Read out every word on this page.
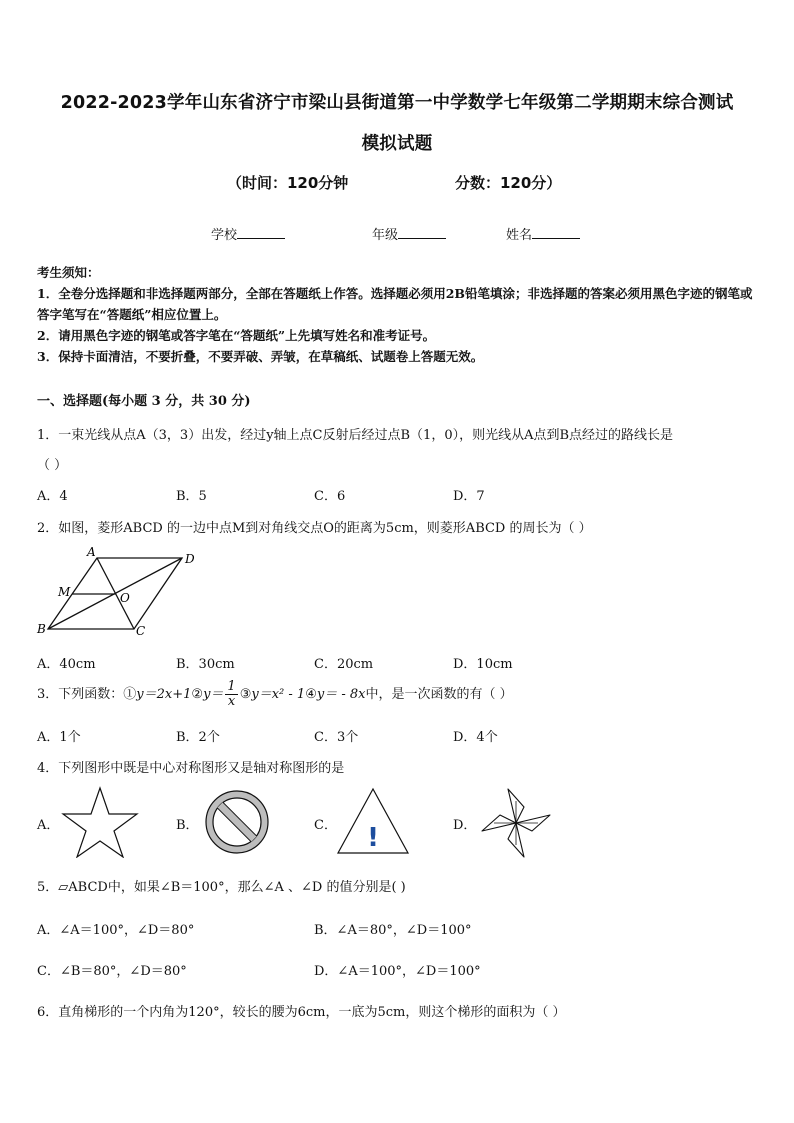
2022-2023学年山东省济宁市梁山县街道第一中学数学七年级第二学期期末综合测试
模拟试题
（时间：120分钟	分数：120分）
学校	年级	姓名

考生须知：

1．全卷分选择题和非选择题两部分，全部在答题纸上作答。选择题必须用2B铅笔填涂；非选择题的答案必须用黑色字迹的钢笔或答字笔写在“答题纸”相应位置上。

2．请用黑色字迹的钢笔或答字笔在“答题纸”上先填写姓名和准考证号。

3．保持卡面清洁，不要折叠，不要弄破、弄皱，在草稿纸、试题卷上答题无效。

一、选择题(每小题 3 分，共 30 分)
1．一束光线从点A（3，3）出发，经过y轴上点C反射后经过点B（1，0），则光线从A点到B点经过的路线长是
（ ）
A．4	B．5	C．6	D．7
2．如图，菱形ABCD 的一边中点M到对角线交点O的距离为5cm，则菱形ABCD 的周长为（ ）
A	D
M	O
B	C
A．40cm	B．30cm	C．20cm	D．10cm
3．下列函数：①y＝2x+1②y＝ $\frac{1}{x}$ ③y＝x² - 1④y＝ - 8x中，是一次函数的有（ ）
A．1个	B．2个	C．3个	D．4个
4．下列图形中既是中心对称图形又是轴对称图形的是
A．	B．	C． !	D．
5．▱ABCD中，如果∠B＝100°，那么∠A 、∠D 的值分别是( )
A．∠A＝100°，∠D＝80°	B．∠A＝80°，∠D＝100°
C．∠B＝80°，∠D＝80°	D．∠A＝100°，∠D＝100°
6．直角梯形的一个内角为120°，较长的腰为6cm，一底为5cm，则这个梯形的面积为（ ）
